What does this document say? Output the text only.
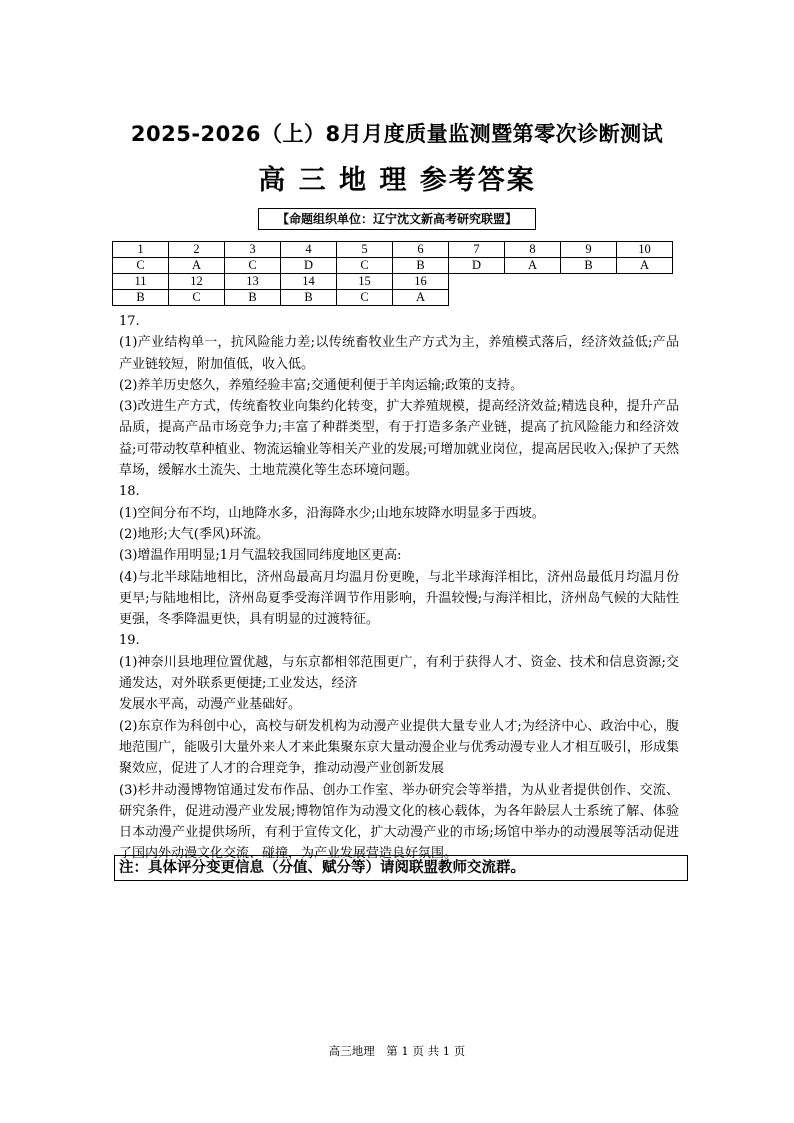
2025-2026（上）8月月度质量监测暨第零次诊断测试
高 三 地 理 参考答案
【命题组织单位：辽宁沈文新高考研究联盟】
1	2	3	4	5	6	7	8	9	10
C	A	C	D	C	B	D	A	B	A
11	12	13	14	15	16				
B	C	B	B	C	A				

17.

(1)产业结构单一，抗风险能力差;以传统畜牧业生产方式为主，养殖模式落后，经济效益低;产品产业链较短，附加值低，收入低。

(2)养羊历史悠久，养殖经验丰富;交通便利便于羊肉运输;政策的支持。

(3)改进生产方式，传统畜牧业向集约化转变，扩大养殖规模，提高经济效益;精选良种，提升产品品质，提高产品市场竞争力;丰富了种群类型，有于打造多条产业链，提高了抗风险能力和经济效益;可带动牧草种植业、物流运输业等相关产业的发展;可增加就业岗位，提高居民收入;保护了天然草场，缓解水土流失、土地荒漠化等生态环境问题。

18.

(1)空间分布不均，山地降水多，沿海降水少;山地东坡降水明显多于西坡。

(2)地形;大气(季风)环流。

(3)增温作用明显;1月气温较我国同纬度地区更高:

(4)与北半球陆地相比，济州岛最高月均温月份更晚，与北半球海洋相比，济州岛最低月均温月份更早;与陆地相比，济州岛夏季受海洋调节作用影响，升温较慢;与海洋相比，济州岛气候的大陆性更强，冬季降温更快，具有明显的过渡特征。

19.

(1)神奈川县地理位置优越，与东京都相邻范围更广，有利于获得人才、资金、技术和信息资源;交通发达，对外联系更便捷;工业发达，经济

发展水平高，动漫产业基础好。

(2)东京作为科创中心，高校与研发机构为动漫产业提供大量专业人才;为经济中心、政治中心，腹地范围广，能吸引大量外来人才来此集聚东京大量动漫企业与优秀动漫专业人才相互吸引，形成集聚效应，促进了人才的合理竞争，推动动漫产业创新发展

(3)杉井动漫博物馆通过发布作品、创办工作室、举办研究会等举措，为从业者提供创作、交流、研究条件，促进动漫产业发展;博物馆作为动漫文化的核心载体，为各年龄层人士系统了解、体验日本动漫产业提供场所，有利于宣传文化，扩大动漫产业的市场;场馆中举办的动漫展等活动促进了国内外动漫文化交流、碰撞，为产业发展营造良好氛围。

注：具体评分变更信息（分值、赋分等）请阅联盟教师交流群。
高三地理　第 1 页 共 1 页
